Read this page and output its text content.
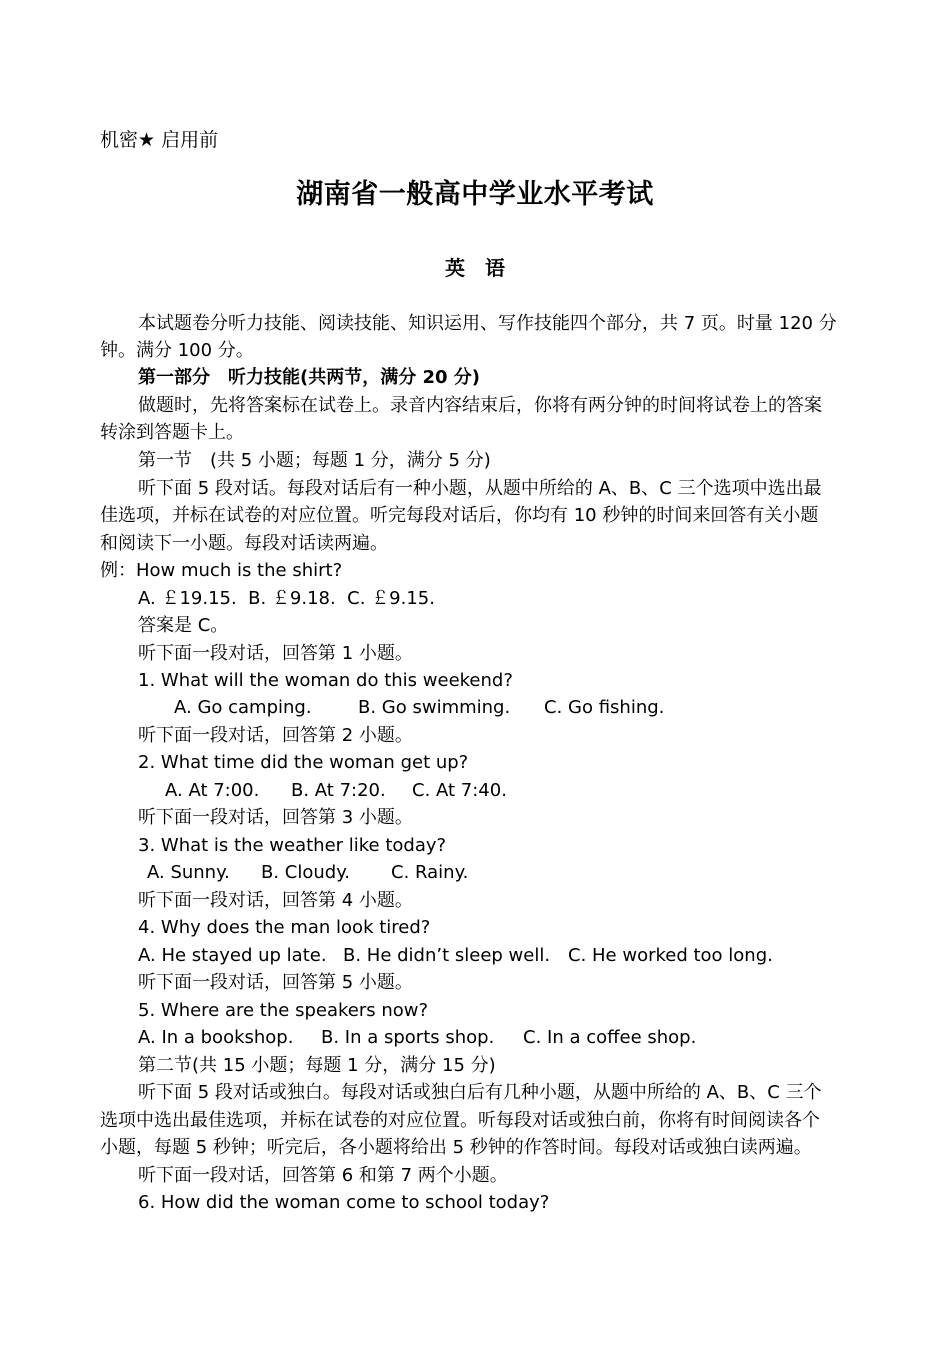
机密★ 启用前
湖南省一般高中学业水平考试
英　语
本试题卷分听力技能、阅读技能、知识运用、写作技能四个部分，共 7 页。时量 120 分
钟。满分 100 分。
第一部分　听力技能(共两节，满分 20 分)
做题时，先将答案标在试卷上。录音内容结束后，你将有两分钟的时间将试卷上的答案
转涂到答题卡上。
第一节　(共 5 小题；每题 1 分，满分 5 分)
听下面 5 段对话。每段对话后有一种小题，从题中所给的 A、B、C 三个选项中选出最
佳选项，并标在试卷的对应位置。听完每段对话后，你均有 10 秒钟的时间来回答有关小题
和阅读下一小题。每段对话读两遍。
例：How much is the shirt?
A. ￡19.15.  B. ￡9.18.  C. ￡9.15.
答案是 C。
听下面一段对话，回答第 1 小题。
1. What will the woman do this weekend?
A. Go camping.	B. Go swimming. C. Go fishing.
听下面一段对话，回答第 2 小题。
2. What time did the woman get up?
A. At 7:00. B. At 7:20. C. At 7:40.
听下面一段对话，回答第 3 小题。
3. What is the weather like today?
A. Sunny. B. Cloudy. C. Rainy.
听下面一段对话，回答第 4 小题。
4. Why does the man look tired?
A. He stayed up late. B. He didn’t sleep well. C. He worked too long.
听下面一段对话，回答第 5 小题。
5. Where are the speakers now?
A. In a bookshop. B. In a sports shop. C. In a coffee shop.
第二节(共 15 小题；每题 1 分，满分 15 分)
听下面 5 段对话或独白。每段对话或独白后有几种小题，从题中所给的 A、B、C 三个
选项中选出最佳选项，并标在试卷的对应位置。听每段对话或独白前，你将有时间阅读各个
小题，每题 5 秒钟；听完后，各小题将给出 5 秒钟的作答时间。每段对话或独白读两遍。
听下面一段对话，回答第 6 和第 7 两个小题。
6. How did the woman come to school today?
